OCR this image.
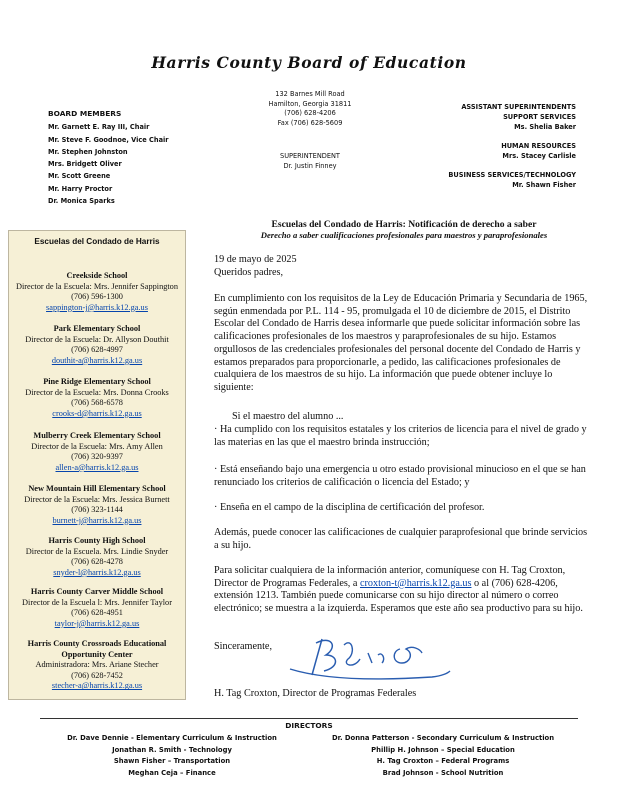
Harris County Board of Education
BOARD MEMBERS
Mr. Garnett E. Ray III, Chair
Mr. Steve F. Goodnoe, Vice Chair
Mr. Stephen Johnston
Mrs. Bridgett Oliver
Mr. Scott Greene
Mr. Harry Proctor
Dr. Monica Sparks
132 Barnes Mill Road
Hamilton, Georgia 31811
(706) 628-4206
Fax (706) 628-5609
SUPERINTENDENT
Dr. Justin Finney
ASSISTANT SUPERINTENDENTS
SUPPORT SERVICES
Ms. Shelia Baker
HUMAN RESOURCES
Mrs. Stacey Carlisle
BUSINESS SERVICES/TECHNOLOGY
Mr. Shawn Fisher
Escuelas del Condado de Harris
Creekside School
Director de la Escuela: Mrs. Jennifer Sappington
(706) 596-1300
sappington-j@harris.k12.ga.us
Park Elementary School
Director de la Escuela: Dr. Allyson Douthit
(706) 628-4997
douthit-a@harris.k12.ga.us
Pine Ridge Elementary School
Director de la Escuela: Mrs. Donna Crooks
(706) 568-6578
crooks-d@harris.k12.ga.us
Mulberry Creek Elementary School
Director de la Escuela: Mrs. Amy Allen
(706) 320-9397
allen-a@harris.k12.ga.us
New Mountain Hill Elementary School
Director de la Escuela: Mrs. Jessica Burnett
(706) 323-1144
burnett-j@harris.k12.ga.us
Harris County High School
Director de la Escuela. Mrs. Lindie Snyder
(706) 628-4278
snyder-l@harris.k12.ga.us
Harris County Carver Middle School
Director de la Escuela l: Mrs. Jennifer Taylor
(706) 628-4951
taylor-j@harris.k12.ga.us
Harris County Crossroads Educational Opportunity Center
Administradora: Mrs. Ariane Stecher
(706) 628-7452
stecher-a@harris.k12.ga.us
Escuelas del Condado de Harris: Notificación de derecho a saber
Derecho a saber cualificaciones profesionales para maestros y paraprofesionales
19 de mayo de 2025
Queridos padres,

En cumplimiento con los requisitos de la Ley de Educación Primaria y Secundaria de 1965, según enmendada por P.L. 114 - 95, promulgada el 10 de diciembre de 2015, el Distrito Escolar del Condado de Harris desea informarle que puede solicitar información sobre las calificaciones profesionales de los maestros y paraprofesionales de su hijo. Estamos orgullosos de las credenciales profesionales del personal docente del Condado de Harris y estamos preparados para proporcionarle, a pedido, las calificaciones profesionales de cualquiera de los maestros de su hijo. La información que puede obtener incluye lo siguiente:

Si el maestro del alumno ...

· Ha cumplido con los requisitos estatales y los criterios de licencia para el nivel de grado y las materias en las que el maestro brinda instrucción;

· Está enseñando bajo una emergencia u otro estado provisional minucioso en el que se han renunciado los criterios de calificación o licencia del Estado; y

· Enseña en el campo de la disciplina de certificación del profesor.

Además, puede conocer las calificaciones de cualquier paraprofesional que brinde servicios a su hijo.

Para solicitar cualquiera de la información anterior, comuníquese con H. Tag Croxton, Director de Programas Federales, a croxton-t@harris.k12.ga.us o al (706) 628-4206, extensión 1213. También puede comunicarse con su hijo director al número o correo electrónico; se muestra a la izquierda. Esperamos que este año sea productivo para su hijo.

Sinceramente,
H. Tag Croxton, Director de Programas Federales
DIRECTORS
Dr. Dave Dennie - Elementary Curriculum & Instruction
Jonathan R. Smith - Technology
Shawn Fisher – Transportation
Meghan Ceja – Finance
Dr. Donna Patterson - Secondary Curriculum & Instruction
Phillip H. Johnson – Special Education
H. Tag Croxton – Federal Programs
Brad Johnson - School Nutrition
